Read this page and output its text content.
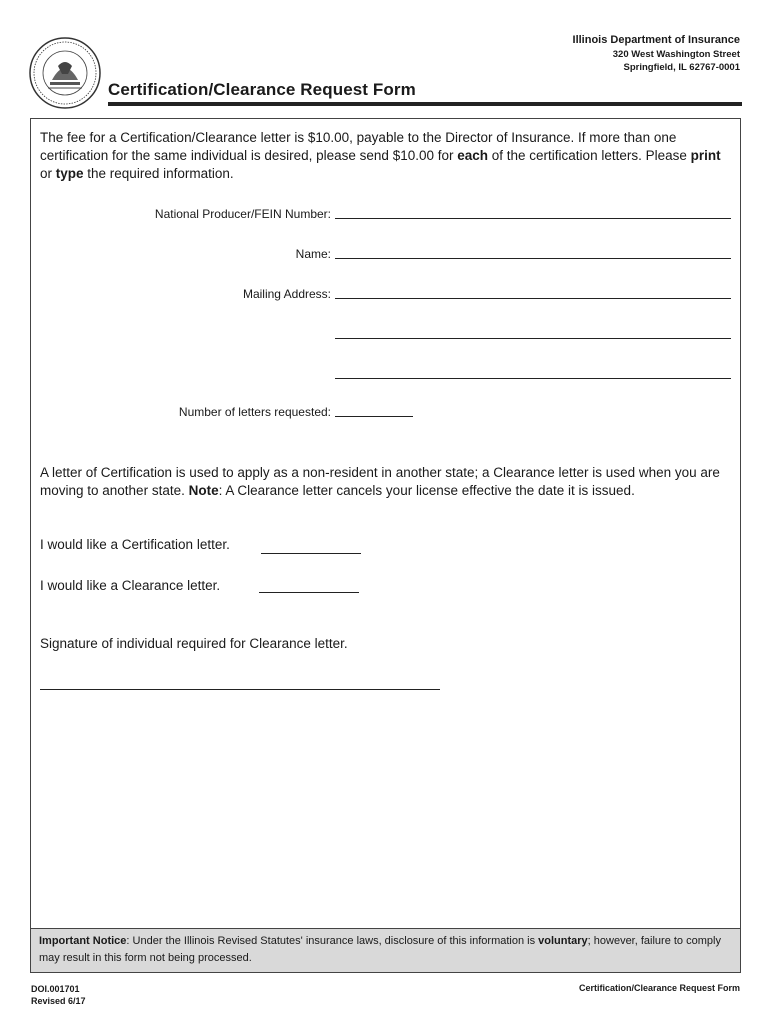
Illinois Department of Insurance
320 West Washington Street
Springfield, IL 62767-0001
Certification/Clearance Request Form
The fee for a Certification/Clearance letter is $10.00, payable to the Director of Insurance. If more than one certification for the same individual is desired, please send $10.00 for each of the certification letters. Please print or type the required information.
National Producer/FEIN Number:
Name:
Mailing Address:
Number of letters requested:
A letter of Certification is used to apply as a non-resident in another state; a Clearance letter is used when you are moving to another state. Note: A Clearance letter cancels your license effective the date it is issued.
I would like a Certification letter.
I would like a Clearance letter.
Signature of individual required for Clearance letter.
Important Notice: Under the Illinois Revised Statutes' insurance laws, disclosure of this information is voluntary; however, failure to comply may result in this form not being processed.
DOI.001701
Revised 6/17
Certification/Clearance Request Form
